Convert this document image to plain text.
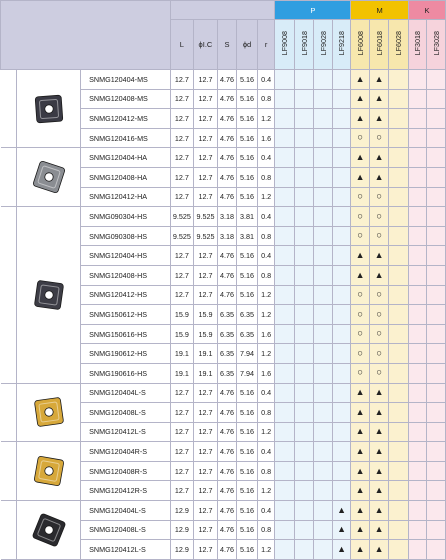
								P				M			K	
			L	ϕI.C	S	ϕd	r	LF9008	LF9018	LF9028	LF9218	LF6008	LF6018	LF6028	LF3018	LF3028

	SNMG120404-MS	12.7	12.7	4.76	5.16	0.4					▲	▲			
		SNMG120408-MS	12.7	12.7	4.76	5.16	0.8					▲	▲			
		SNMG120412-MS	12.7	12.7	4.76	5.16	1.2					▲	▲			
		SNMG120416-MS	12.7	12.7	4.76	5.16	1.6					○	○			

	SNMG120404-HA	12.7	12.7	4.76	5.16	0.4					▲	▲			
		SNMG120408-HA	12.7	12.7	4.76	5.16	0.8					▲	▲			
		SNMG120412-HA	12.7	12.7	4.76	5.16	1.2					○	○			

	SNMG090304-HS	9.525	9.525	3.18	3.81	0.4					○	○			
		SNMG090308-HS	9.525	9.525	3.18	3.81	0.8					○	○			
		SNMG120404-HS	12.7	12.7	4.76	5.16	0.4					▲	▲			
		SNMG120408-HS	12.7	12.7	4.76	5.16	0.8					▲	▲			
		SNMG120412-HS	12.7	12.7	4.76	5.16	1.2					○	○			
		SNMG150612-HS	15.9	15.9	6.35	6.35	1.2					○	○			
		SNMG150616-HS	15.9	15.9	6.35	6.35	1.6					○	○			
		SNMG190612-HS	19.1	19.1	6.35	7.94	1.2					○	○			
		SNMG190616-HS	19.1	19.1	6.35	7.94	1.6					○	○			

	SNMG120404L-S	12.7	12.7	4.76	5.16	0.4					▲	▲			
		SNMG120408L-S	12.7	12.7	4.76	5.16	0.8					▲	▲			
		SNMG120412L-S	12.7	12.7	4.76	5.16	1.2					▲	▲			

	SNMG120404R-S	12.7	12.7	4.76	5.16	0.4					▲	▲			
		SNMG120408R-S	12.7	12.7	4.76	5.16	0.8					▲	▲			
		SNMG120412R-S	12.7	12.7	4.76	5.16	1.2					▲	▲			

	SNMG120404L-S	12.9	12.7	4.76	5.16	0.4				▲	▲	▲			
		SNMG120408L-S	12.9	12.7	4.76	5.16	0.8				▲	▲	▲			
		SNMG120412L-S	12.9	12.7	4.76	5.16	1.2				▲	▲	▲			
